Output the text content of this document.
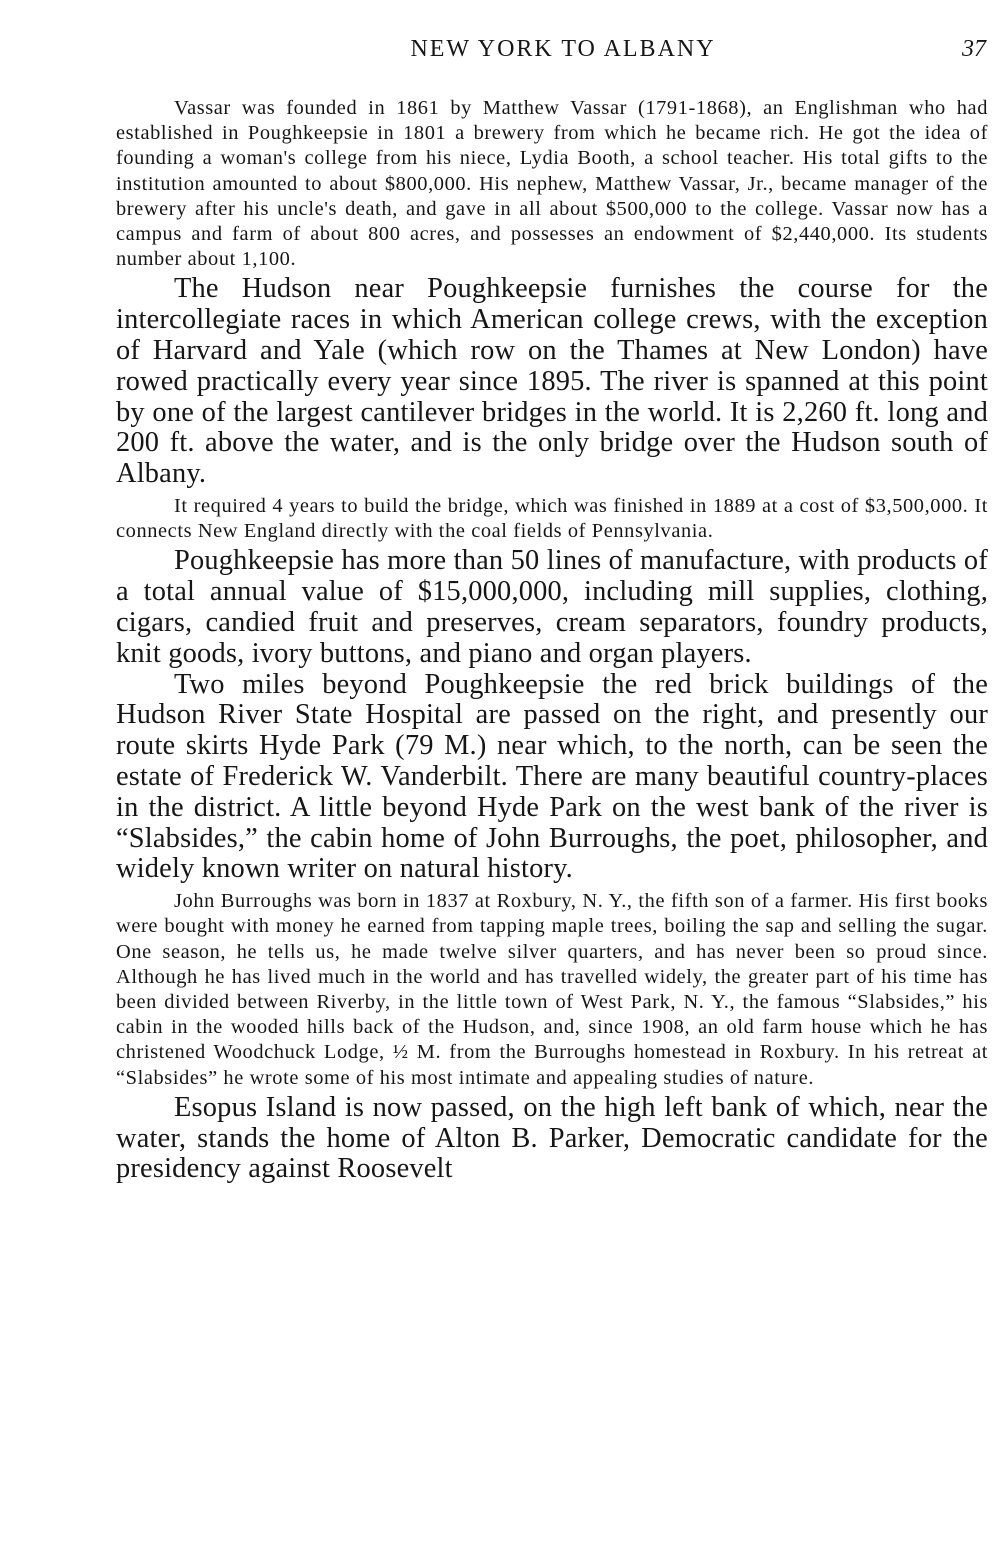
NEW YORK TO ALBANY	37

Vassar was founded in 1861 by Matthew Vassar (1791-1868), an Englishman who had established in Poughkeepsie in 1801 a brewery from which he became rich. He got the idea of founding a woman's college from his niece, Lydia Booth, a school teacher. His total gifts to the institution amounted to about $800,000. His nephew, Matthew Vassar, Jr., became manager of the brewery after his uncle's death, and gave in all about $500,000 to the college. Vassar now has a campus and farm of about 800 acres, and possesses an endowment of $2,440,000. Its students number about 1,100.

The Hudson near Poughkeepsie furnishes the course for the intercollegiate races in which American college crews, with the exception of Harvard and Yale (which row on the Thames at New London) have rowed practically every year since 1895. The river is spanned at this point by one of the largest cantilever bridges in the world. It is 2,260 ft. long and 200 ft. above the water, and is the only bridge over the Hudson south of Albany.

It required 4 years to build the bridge, which was finished in 1889 at a cost of $3,500,000. It connects New England directly with the coal fields of Pennsylvania.

Poughkeepsie has more than 50 lines of manufacture, with products of a total annual value of $15,000,000, including mill supplies, clothing, cigars, candied fruit and preserves, cream separators, foundry products, knit goods, ivory buttons, and piano and organ players.

Two miles beyond Poughkeepsie the red brick buildings of the Hudson River State Hospital are passed on the right, and presently our route skirts Hyde Park (79 M.) near which, to the north, can be seen the estate of Frederick W. Vanderbilt. There are many beautiful country-places in the district. A little beyond Hyde Park on the west bank of the river is “Slabsides,” the cabin home of John Burroughs, the poet, philosopher, and widely known writer on natural history.

John Burroughs was born in 1837 at Roxbury, N. Y., the fifth son of a farmer. His first books were bought with money he earned from tapping maple trees, boiling the sap and selling the sugar. One season, he tells us, he made twelve silver quarters, and has never been so proud since. Although he has lived much in the world and has travelled widely, the greater part of his time has been divided between Riverby, in the little town of West Park, N. Y., the famous “Slabsides,” his cabin in the wooded hills back of the Hudson, and, since 1908, an old farm house which he has christened Woodchuck Lodge, ½ M. from the Burroughs homestead in Roxbury. In his retreat at “Slabsides” he wrote some of his most intimate and appealing studies of nature.

Esopus Island is now passed, on the high left bank of which, near the water, stands the home of Alton B. Parker, Democratic candidate for the presidency against Roosevelt
